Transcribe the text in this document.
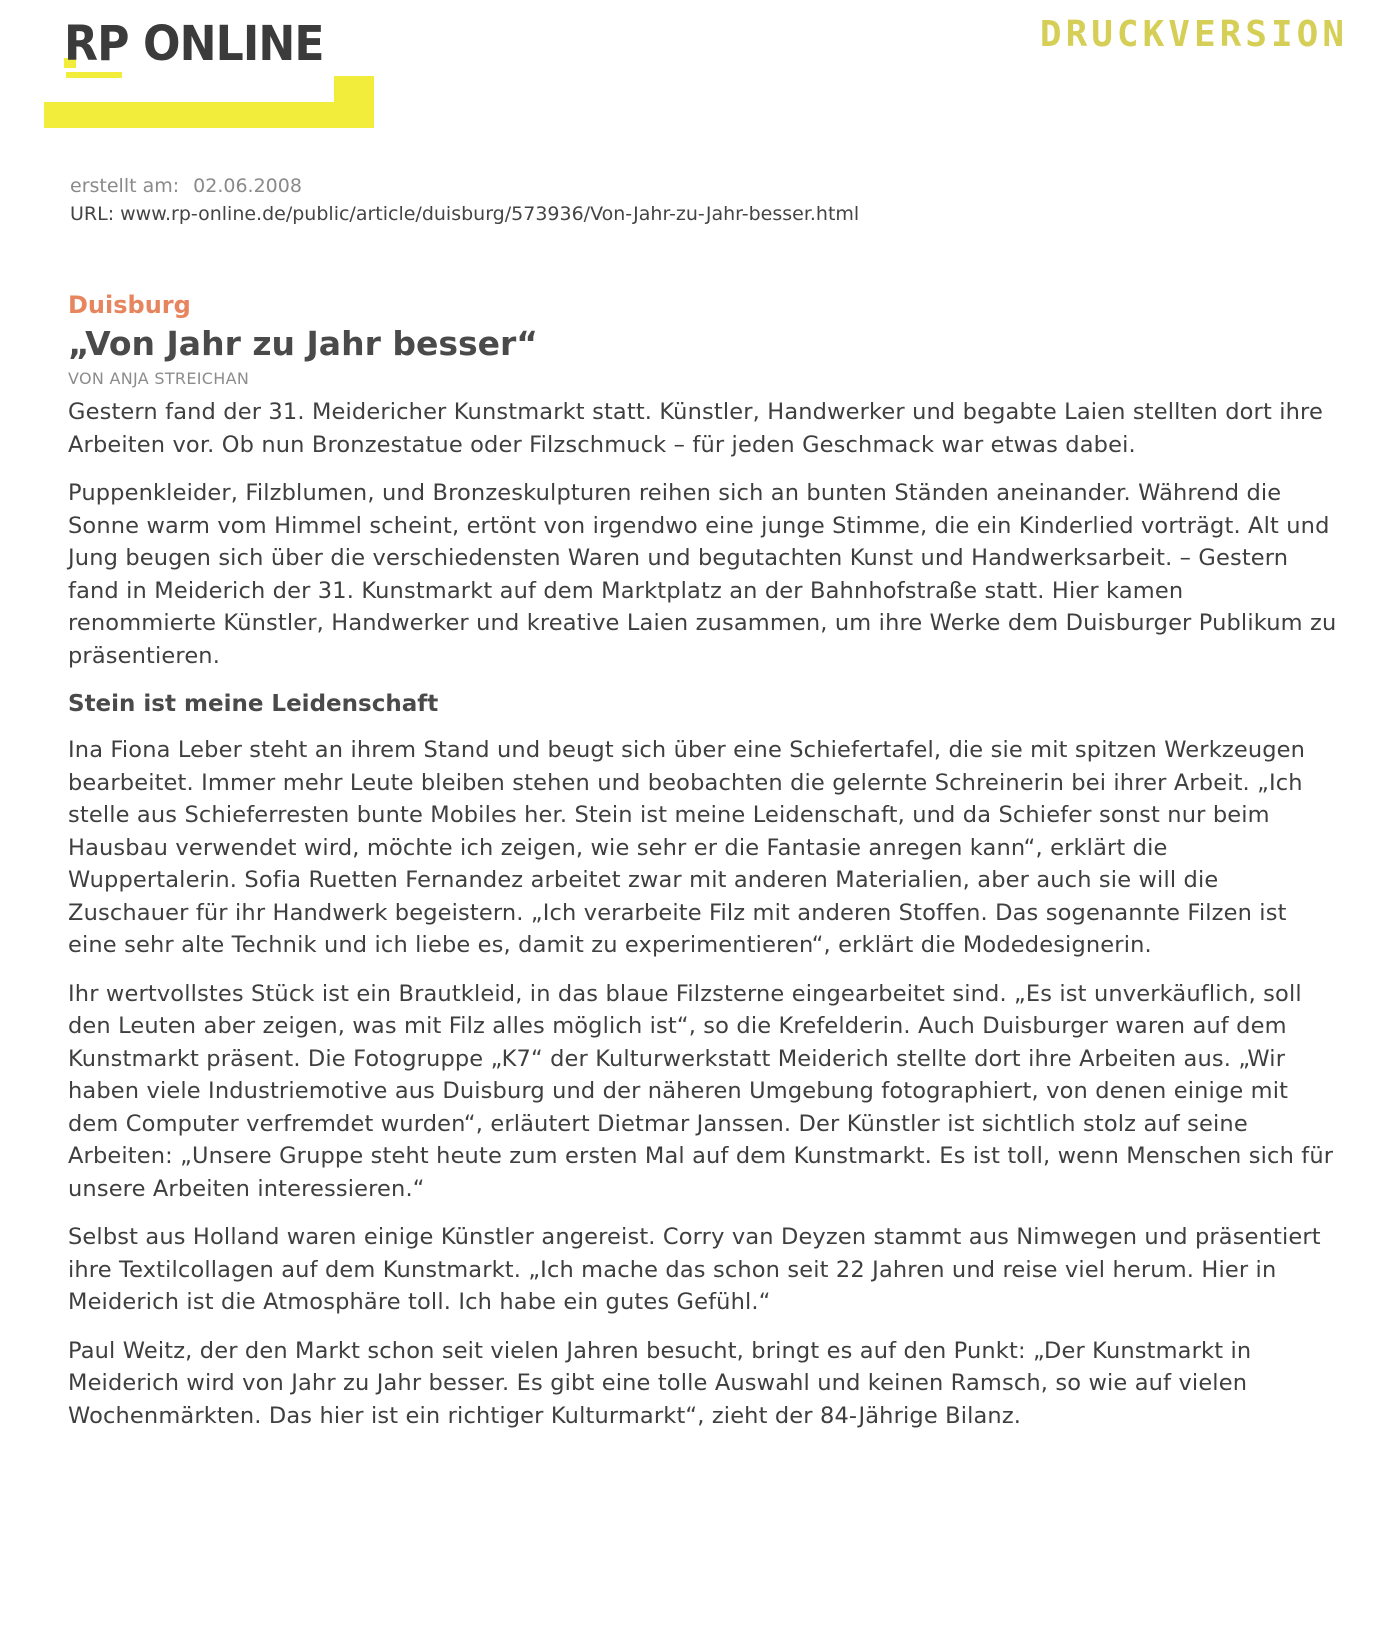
RP ONLINE	DRUCKVERSION
erstellt am: 02.06.2008
URL: www.rp-online.de/public/article/duisburg/573936/Von-Jahr-zu-Jahr-besser.html

Duisburg

„Von Jahr zu Jahr besser“

VON ANJA STREICHAN

Gestern fand der 31. Meidericher Kunstmarkt statt. Künstler, Handwerker und begabte Laien stellten dort ihre Arbeiten vor. Ob nun Bronzestatue oder Filzschmuck – für jeden Geschmack war etwas dabei.

Puppenkleider, Filzblumen, und Bronzeskulpturen reihen sich an bunten Ständen aneinander. Während die Sonne warm vom Himmel scheint, ertönt von irgendwo eine junge Stimme, die ein Kinderlied vorträgt. Alt und Jung beugen sich über die verschiedensten Waren und begutachten Kunst und Handwerksarbeit. – Gestern fand in Meiderich der 31. Kunstmarkt auf dem Marktplatz an der Bahnhofstraße statt. Hier kamen renommierte Künstler, Handwerker und kreative Laien zusammen, um ihre Werke dem Duisburger Publikum zu präsentieren.

Stein ist meine Leidenschaft

Ina Fiona Leber steht an ihrem Stand und beugt sich über eine Schiefertafel, die sie mit spitzen Werkzeugen bearbeitet. Immer mehr Leute bleiben stehen und beobachten die gelernte Schreinerin bei ihrer Arbeit. „Ich stelle aus Schieferresten bunte Mobiles her. Stein ist meine Leidenschaft, und da Schiefer sonst nur beim Hausbau verwendet wird, möchte ich zeigen, wie sehr er die Fantasie anregen kann“, erklärt die Wuppertalerin. Sofia Ruetten Fernandez arbeitet zwar mit anderen Materialien, aber auch sie will die Zuschauer für ihr Handwerk begeistern. „Ich verarbeite Filz mit anderen Stoffen. Das sogenannte Filzen ist eine sehr alte Technik und ich liebe es, damit zu experimentieren“, erklärt die Modedesignerin.

Ihr wertvollstes Stück ist ein Brautkleid, in das blaue Filzsterne eingearbeitet sind. „Es ist unverkäuflich, soll den Leuten aber zeigen, was mit Filz alles möglich ist“, so die Krefelderin. Auch Duisburger waren auf dem Kunstmarkt präsent. Die Fotogruppe „K7“ der Kulturwerkstatt Meiderich stellte dort ihre Arbeiten aus. „Wir haben viele Industriemotive aus Duisburg und der näheren Umgebung fotographiert, von denen einige mit dem Computer verfremdet wurden“, erläutert Dietmar Janssen. Der Künstler ist sichtlich stolz auf seine Arbeiten: „Unsere Gruppe steht heute zum ersten Mal auf dem Kunstmarkt. Es ist toll, wenn Menschen sich für unsere Arbeiten interessieren.“

Selbst aus Holland waren einige Künstler angereist. Corry van Deyzen stammt aus Nimwegen und präsentiert ihre Textilcollagen auf dem Kunstmarkt. „Ich mache das schon seit 22 Jahren und reise viel herum. Hier in Meiderich ist die Atmosphäre toll. Ich habe ein gutes Gefühl.“

Paul Weitz, der den Markt schon seit vielen Jahren besucht, bringt es auf den Punkt: „Der Kunstmarkt in Meiderich wird von Jahr zu Jahr besser. Es gibt eine tolle Auswahl und keinen Ramsch, so wie auf vielen Wochenmärkten. Das hier ist ein richtiger Kulturmarkt“, zieht der 84-Jährige Bilanz.
